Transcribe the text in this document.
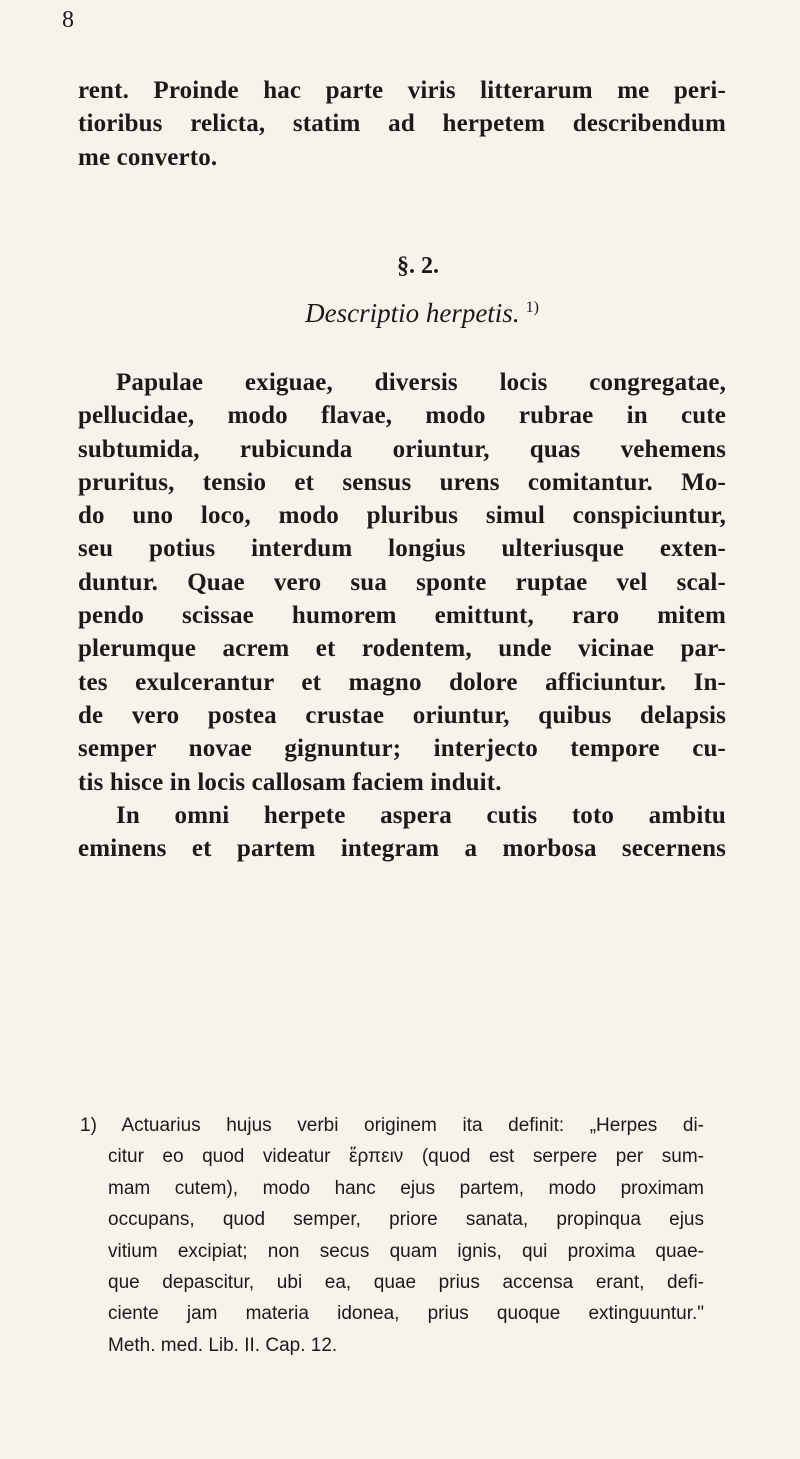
8
rent. Proinde hac parte viris litterarum me peri-
tioribus relicta, statim ad herpetem describendum
me converto.
§. 2.
Descriptio herpetis. $^{1)}$
Papulae exiguae, diversis locis congregatae,
pellucidae, modo flavae, modo rubrae in cute
subtumida, rubicunda oriuntur, quas vehemens
pruritus, tensio et sensus urens comitantur. Mo-
do uno loco, modo pluribus simul conspiciuntur,
seu potius interdum longius ulteriusque exten-
duntur. Quae vero sua sponte ruptae vel scal-
pendo scissae humorem emittunt, raro mitem
plerumque acrem et rodentem, unde vicinae par-
tes exulcerantur et magno dolore afficiuntur. In-
de vero postea crustae oriuntur, quibus delapsis
semper novae gignuntur; interjecto tempore cu-
tis hisce in locis callosam faciem induit.
In omni herpete aspera cutis toto ambitu
eminens et partem integram a morbosa secernens
1) Actuarius hujus verbi originem ita definit: „Herpes di-
citur eo quod videatur ἕρπειν (quod est serpere per sum-
mam cutem), modo hanc ejus partem, modo proximam
occupans, quod semper, priore sanata, propinqua ejus
vitium excipiat; non secus quam ignis, qui proxima quae-
que depascitur, ubi ea, quae prius accensa erant, defi-
ciente jam materia idonea, prius quoque extinguuntur."
Meth. med. Lib. II. Cap. 12.
